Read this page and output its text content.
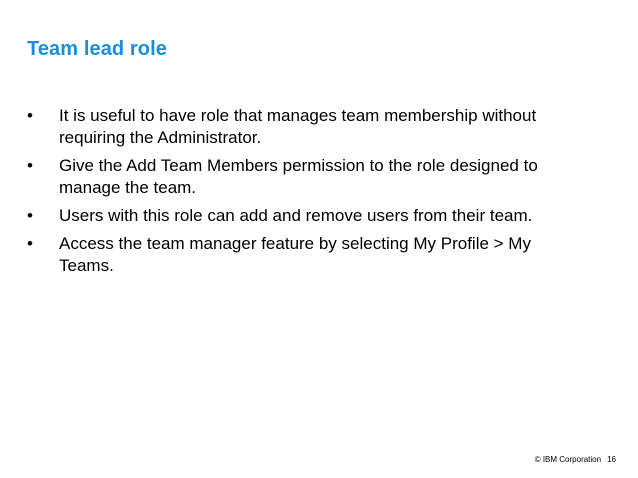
Team lead role
•	It is useful to have role that manages team membership without requiring the Administrator.
•	Give the Add Team Members permission to the role designed to manage the team.
•	Users with this role can add and remove users from their team.
•	Access the team manager feature by selecting My Profile > My Teams.
© IBM Corporation 16
